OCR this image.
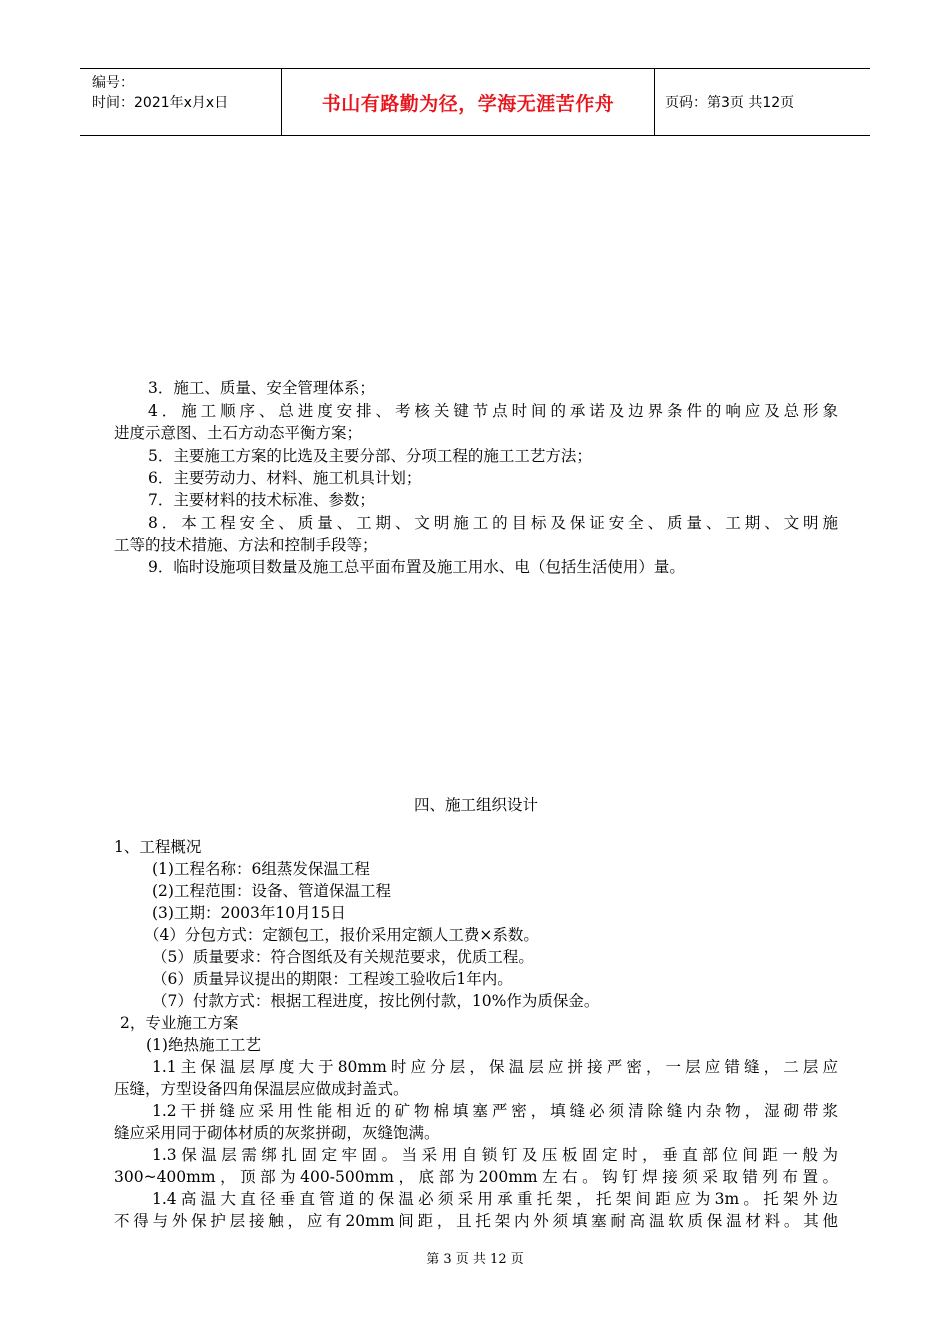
编号：
时间：2021年x月x日	书山有路勤为径，学海无涯苦作舟	页码：第3页 共12页
3．施工、质量、安全管理体系；
4．施工顺序、总进度安排、考核关键节点时间的承诺及边界条件的响应及总形象
进度示意图、土石方动态平衡方案；
5．主要施工方案的比选及主要分部、分项工程的施工工艺方法；
6．主要劳动力、材料、施工机具计划；
7．主要材料的技术标准、参数；
8．本工程安全、质量、工期、文明施工的目标及保证安全、质量、工期、文明施
工等的技术措施、方法和控制手段等；
9．临时设施项目数量及施工总平面布置及施工用水、电（包括生活使用）量。
四、施工组织设计
1、工程概况
(1)工程名称：6组蒸发保温工程
(2)工程范围：设备、管道保温工程
(3)工期：2003年10月15日
（4）分包方式：定额包工，报价采用定额人工费×系数。
（5）质量要求：符合图纸及有关规范要求，优质工程。
（6）质量异议提出的期限：工程竣工验收后1年内。
（7）付款方式：根据工程进度，按比例付款，10%作为质保金。
2，专业施工方案
(1)绝热施工工艺
1.1主保温层厚度大于80mm时应分层，保温层应拼接严密，一层应错缝，二层应
压缝，方型设备四角保温层应做成封盖式。
1.2干拼缝应采用性能相近的矿物棉填塞严密，填缝必须清除缝内杂物，湿砌带浆
缝应采用同于砌体材质的灰浆拼砌，灰缝饱满。
1.3保温层需绑扎固定牢固。当采用自锁钉及压板固定时，垂直部位间距一般为
300~400mm，顶部为400-500mm，底部为200mm左右。钩钉焊接须采取错列布置。
1.4高温大直径垂直管道的保温必须采用承重托架，托架间距应为3m。托架外边
不得与外保护层接触，应有20mm间距，且托架内外须填塞耐高温软质保温材料。其他
第 3 页 共 12 页
